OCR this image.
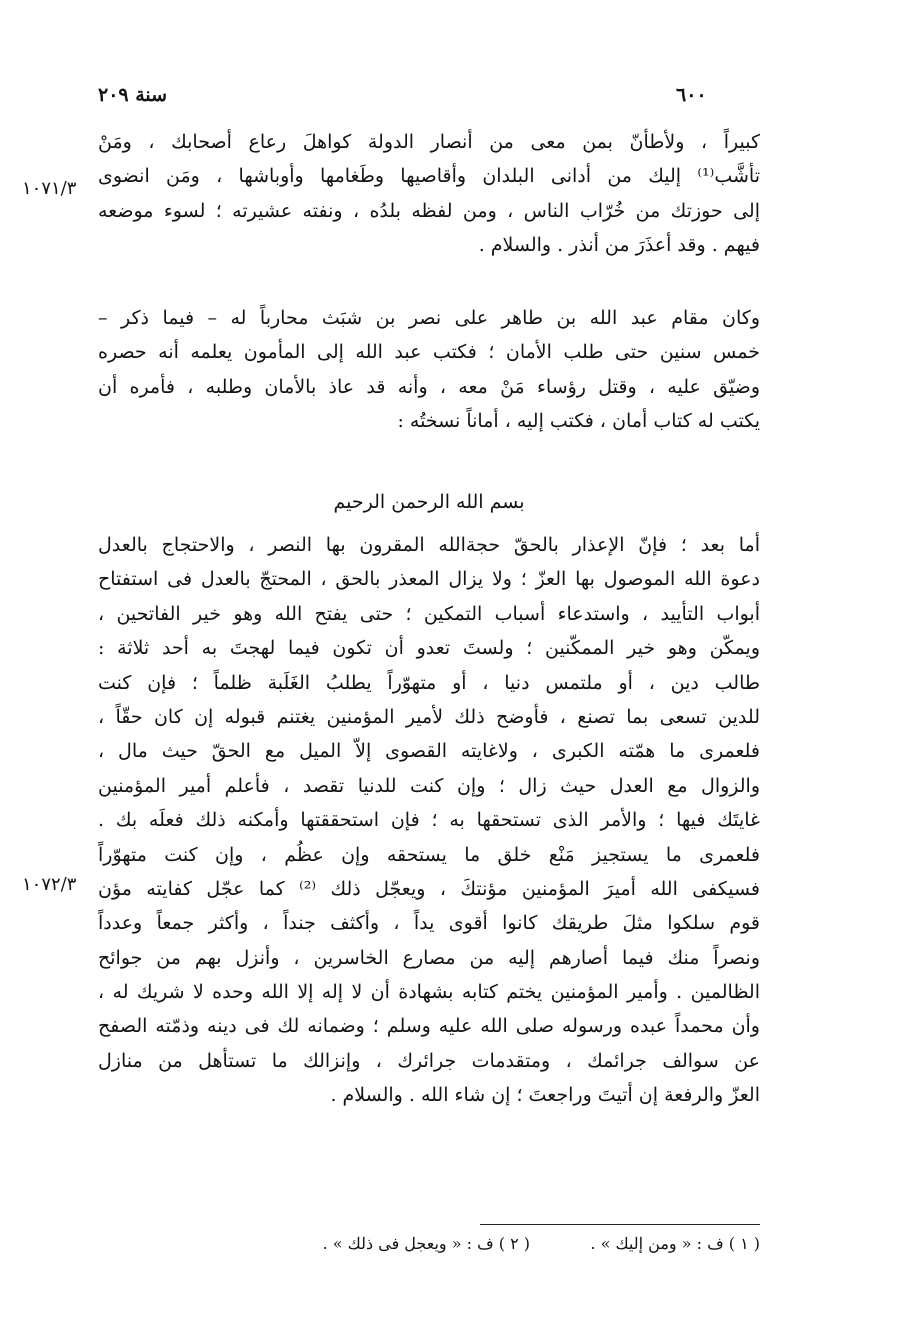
٦٠٠
سنة ٢٠٩
١٠٧١/٣
١٠٧٢/٣
كبيراً ، ولأطأنّ بمن معى من أنصار الدولة كواهلَ رعاع أصحابك ، ومَنْ
تأشَّب⁽¹⁾ إليك من أدانى البلدان وأقاصيها وطَغامها وأوباشها ، ومَن انضوى
إلى حوزتك من خُرّاب الناس ، ومن لفظه بلدُه ، ونفته عشيرته ؛ لسوء موضعه
فيهم . وقد أعذَرَ من أنذر . والسلام .
وكان مقام عبد الله بن طاهر على نصر بن شبَث محارباً له – فيما ذكر –
خمس سنين حتى طلب الأمان ؛ فكتب عبد الله إلى المأمون يعلمه أنه حصره
وضيّق عليه ، وقتل رؤساء مَنْ معه ، وأنه قد عاذ بالأمان وطلبه ، فأمره أن
يكتب له كتاب أمان ، فكتب إليه ، أماناً نسختُه :
بسم الله الرحمن الرحيم
أما بعد ؛ فإنّ الإعذار بالحقّ حجةالله المقرون بها النصر ، والاحتجاج بالعدل
دعوة الله الموصول بها العزّ ؛ ولا يزال المعذر بالحق ، المحتجّ بالعدل فى استفتاح
أبواب التأييد ، واستدعاء أسباب التمكين ؛ حتى يفتح الله وهو خير الفاتحين ،
ويمكّن وهو خير الممكّنين ؛ ولستَ تعدو أن تكون فيما لهجتَ به أحد ثلاثة :
طالب دين ، أو ملتمس دنيا ، أو متهوّراً يطلبُ الغَلَبة ظلماً ؛ فإن كنت
للدين تسعى بما تصنع ، فأوضح ذلك لأمير المؤمنين يغتنم قبوله إن كان حقّاً ،
فلعمرى ما همّته الكبرى ، ولاغايته القصوى إلاّ الميل مع الحقّ حيث مال ،
والزوال مع العدل حيث زال ؛ وإن كنت للدنيا تقصد ، فأعلم أمير المؤمنين
غايتَك فيها ؛ والأمر الذى تستحقها به ؛ فإن استحققتها وأمكنه ذلك فعلَه بك .
فلعمرى ما يستجيز مَنْع خلق ما يستحقه وإن عظُم ، وإن كنت متهوّراً
فسيكفى الله أميرَ المؤمنين مؤنتكَ ، ويعجّل ذلك ⁽²⁾ كما عجّل كفايته مؤن
قوم سلكوا مثلَ طريقك كانوا أقوى يداً ، وأكثف جنداً ، وأكثر جمعاً وعدداً
ونصراً منك فيما أصارهم إليه من مصارع الخاسرين ، وأنزل بهم من جوائح
الظالمين . وأمير المؤمنين يختم كتابه بشهادة أن لا إله إلا الله وحده لا شريك له ،
وأن محمداً عبده ورسوله صلى الله عليه وسلم ؛ وضمانه لك فى دينه وذمّته الصفح
عن سوالف جرائمك ، ومتقدمات جرائرك ، وإنزالك ما تستأهل من منازل
العزّ والرفعة إن أتيتَ وراجعتَ ؛ إن شاء الله . والسلام .
( ١ ) ف : « ومن إليك » .
( ٢ ) ف : « ويعجل فى ذلك » .
